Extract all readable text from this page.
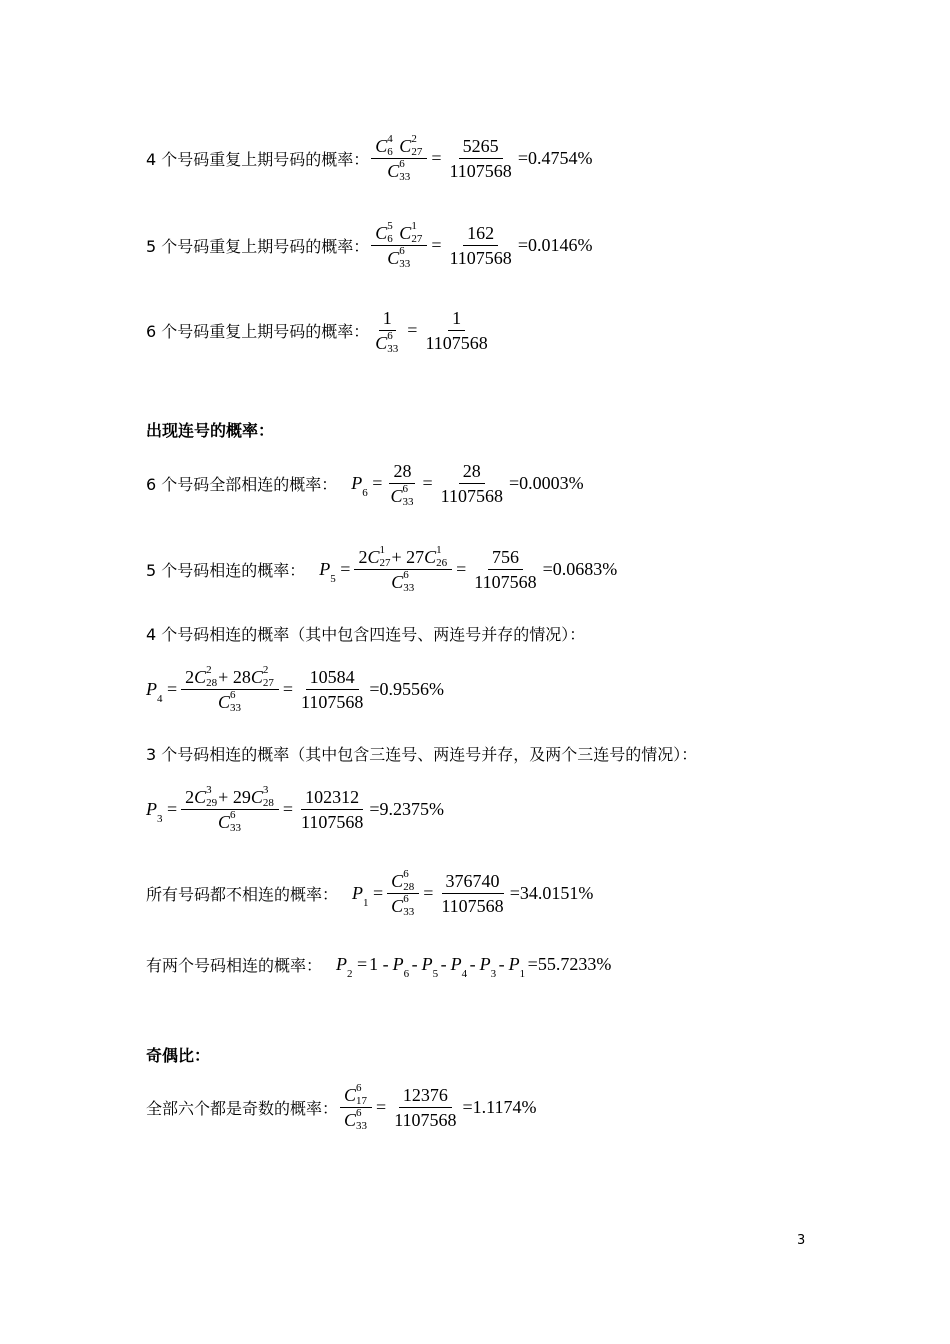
4 个号码重复上期号码的概率： C 4
6 C 2
27
C 6
$33 = \frac{5265}{1107568} =0.4754\%$
5 个号码重复上期号码的概率： C 5
6 C 1
27
C 6
$33 = \frac{162}{1107568} =0.0146\%$
6 个号码重复上期号码的概率： 1
C 6
$33 = \frac{1}{1107568}$
出现连号的概率：
6 个号码全部相连的概率： P 6 = 28
C 6
$33 = \frac{28}{1107568} =0.0003\%$
5 个号码相连的概率： P 5 = 2C 1
27 + 27C 1
26
C 6
$33 = \frac{756}{1107568} =0.0683\%$
4 个号码相连的概率（其中包含四连号、两连号并存的情况）：
P 4 = 2C 2
28 + 28C 2
27
C 6
$33 = \frac{10584}{1107568} =0.9556\%$
3 个号码相连的概率（其中包含三连号、两连号并存，及两个三连号的情况）：
P 3 = 2C 3
29 + 29C 3
28
C 6
$33 = \frac{102312}{1107568} =9.2375\%$
所有号码都不相连的概率： P 1 = C 6
28
C 6
$33 = \frac{376740}{1107568} =34.0151\%$
有两个号码相连的概率： P 2 = 1 - P 6 - P 5 - P 4 - P 3 - P 1 =55.7233%
奇偶比：
全部六个都是奇数的概率： C 6
17
C 6
$33 = \frac{12376}{1107568} =1.1174\%$
3
